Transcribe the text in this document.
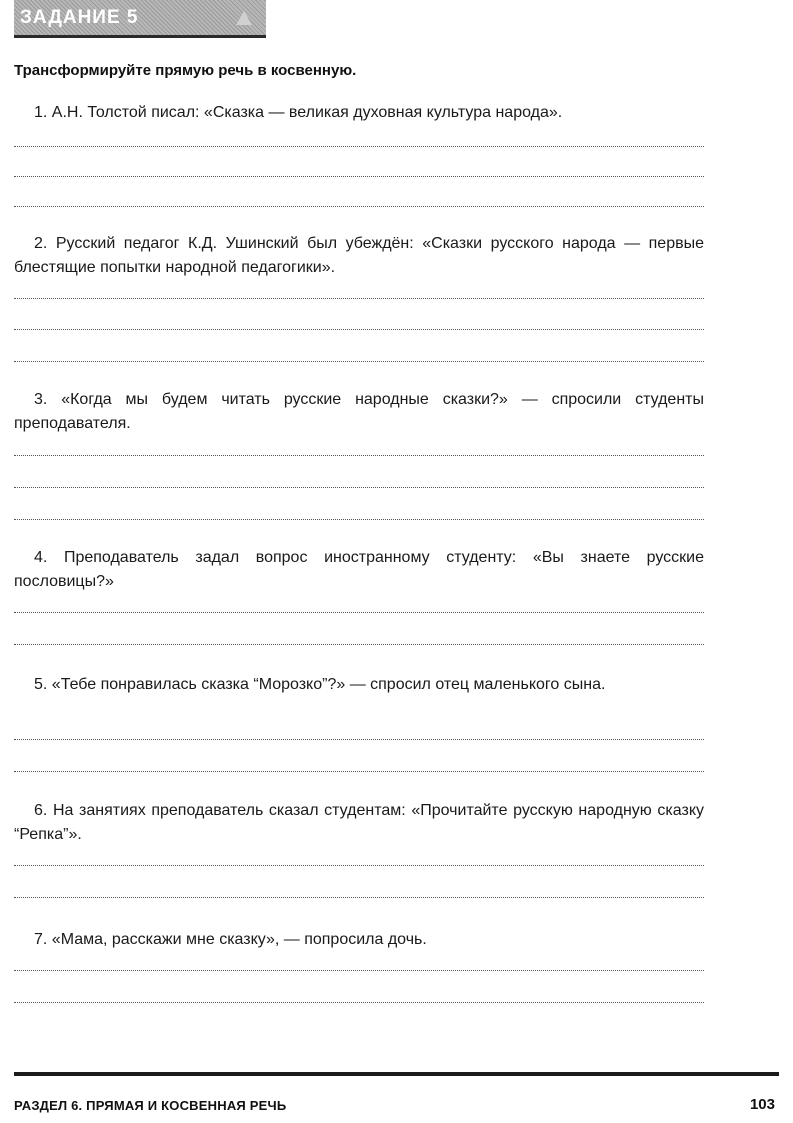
ЗАДАНИЕ 5
Трансформируйте прямую речь в косвенную.
1. А.Н. Толстой писал: «Сказка — великая духовная культура народа».
2. Русский педагог К.Д. Ушинский был убеждён: «Сказки русского народа — первые блестящие попытки народной педагогики».
3. «Когда мы будем читать русские народные сказки?» — спросили студенты преподавателя.
4. Преподаватель задал вопрос иностранному студенту: «Вы знаете русские пословицы?»
5. «Тебе понравилась сказка “Морозко”?» — спросил отец маленького сына.
6. На занятиях преподаватель сказал студентам: «Прочитайте русскую народную сказку “Репка”».
7. «Мама, расскажи мне сказку», — попросила дочь.
РАЗДЕЛ 6. ПРЯМАЯ И КОСВЕННАЯ РЕЧЬ	103
